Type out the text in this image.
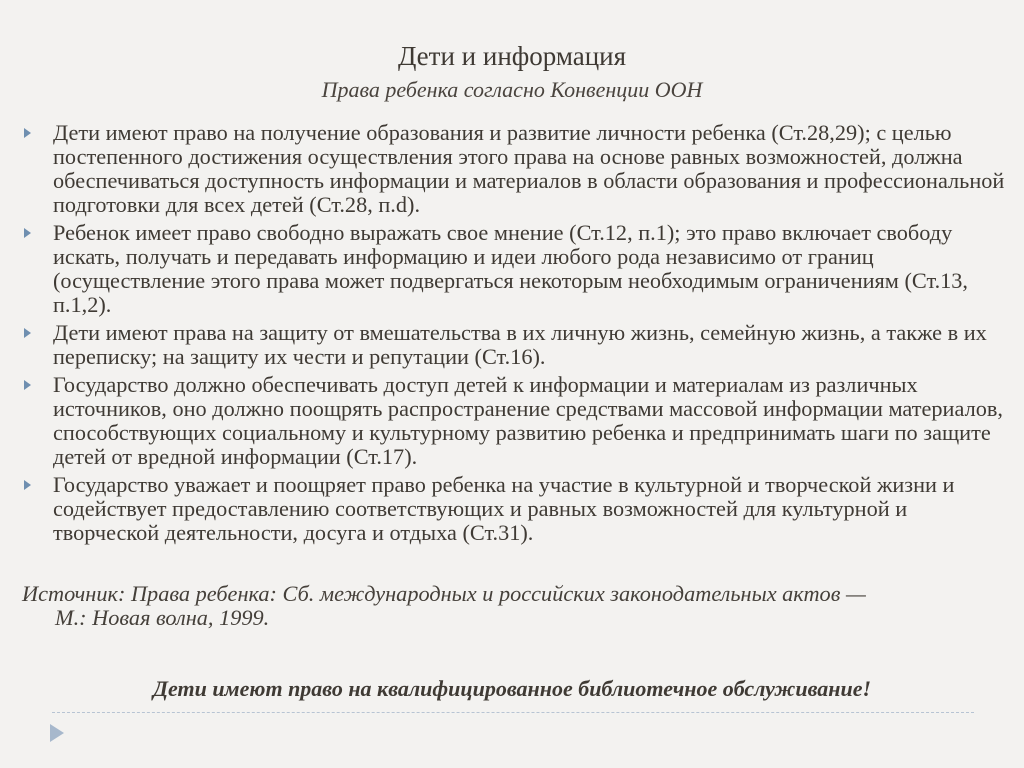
Дети и информация
Права ребенка согласно Конвенции ООН
Дети имеют право на получение образования и развитие личности ребенка (Ст.28,29); с целью постепенного достижения осуществления этого права на основе равных возможностей, должна обеспечиваться доступность информации и материалов в области образования и профессиональной подготовки для всех детей (Ст.28, п.d).
Ребенок имеет право свободно выражать свое мнение (Ст.12, п.1); это право включает свободу искать, получать и передавать информацию и идеи любого рода независимо от границ (осуществление этого права может подвергаться некоторым необходимым ограничениям (Ст.13, п.1,2).
Дети имеют права на защиту от вмешательства в их личную жизнь, семейную жизнь, а также в их переписку; на защиту их чести и репутации (Ст.16).
Государство должно обеспечивать доступ детей к информации и материалам из различных источников, оно должно поощрять распространение средствами массовой информации материалов, способствующих социальному и культурному развитию ребенка и предпринимать шаги по защите детей от вредной информации (Ст.17).
Государство уважает и поощряет право ребенка на участие в культурной и творческой жизни и содействует предоставлению соответствующих и равных возможностей для культурной и творческой деятельности, досуга и отдыха (Ст.31).
Источник: Права ребенка: Сб. международных и российских законодательных актов —
М.: Новая волна, 1999.
Дети имеют право на квалифицированное библиотечное обслуживание!
